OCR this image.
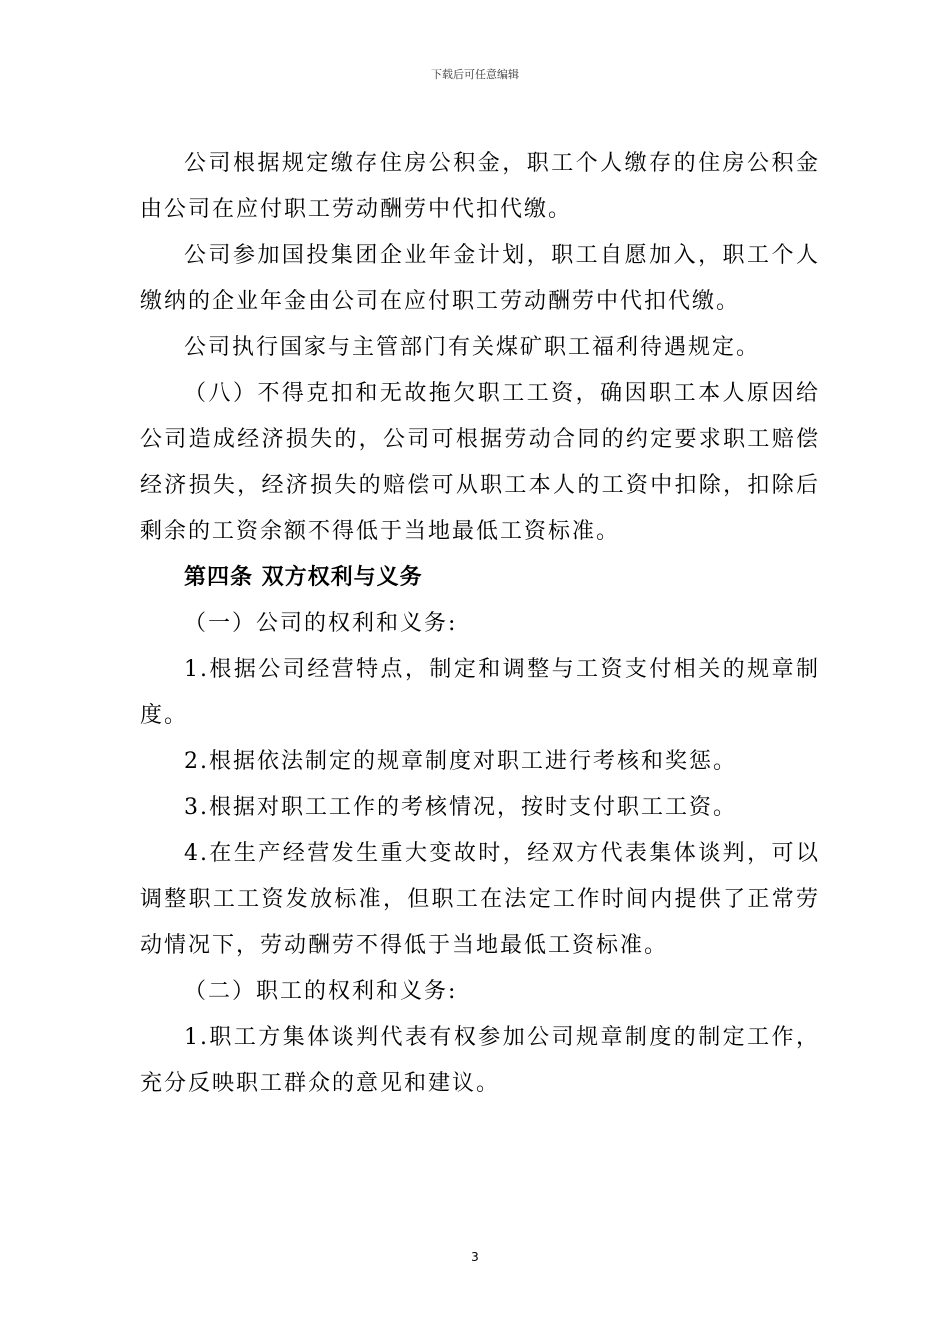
下载后可任意编辑

公司根据规定缴存住房公积金，职工个人缴存的住房公积金由公司在应付职工劳动酬劳中代扣代缴。

公司参加国投集团企业年金计划，职工自愿加入，职工个人缴纳的企业年金由公司在应付职工劳动酬劳中代扣代缴。

公司执行国家与主管部门有关煤矿职工福利待遇规定。

（八）不得克扣和无故拖欠职工工资，确因职工本人原因给公司造成经济损失的，公司可根据劳动合同的约定要求职工赔偿经济损失，经济损失的赔偿可从职工本人的工资中扣除，扣除后剩余的工资余额不得低于当地最低工资标准。

第四条 双方权利与义务

（一）公司的权利和义务:

1.根据公司经营特点，制定和调整与工资支付相关的规章制度。

2.根据依法制定的规章制度对职工进行考核和奖惩。

3.根据对职工工作的考核情况，按时支付职工工资。

4.在生产经营发生重大变故时，经双方代表集体谈判，可以调整职工工资发放标准，但职工在法定工作时间内提供了正常劳动情况下，劳动酬劳不得低于当地最低工资标准。

（二）职工的权利和义务:

1.职工方集体谈判代表有权参加公司规章制度的制定工作，充分反映职工群众的意见和建议。

3
